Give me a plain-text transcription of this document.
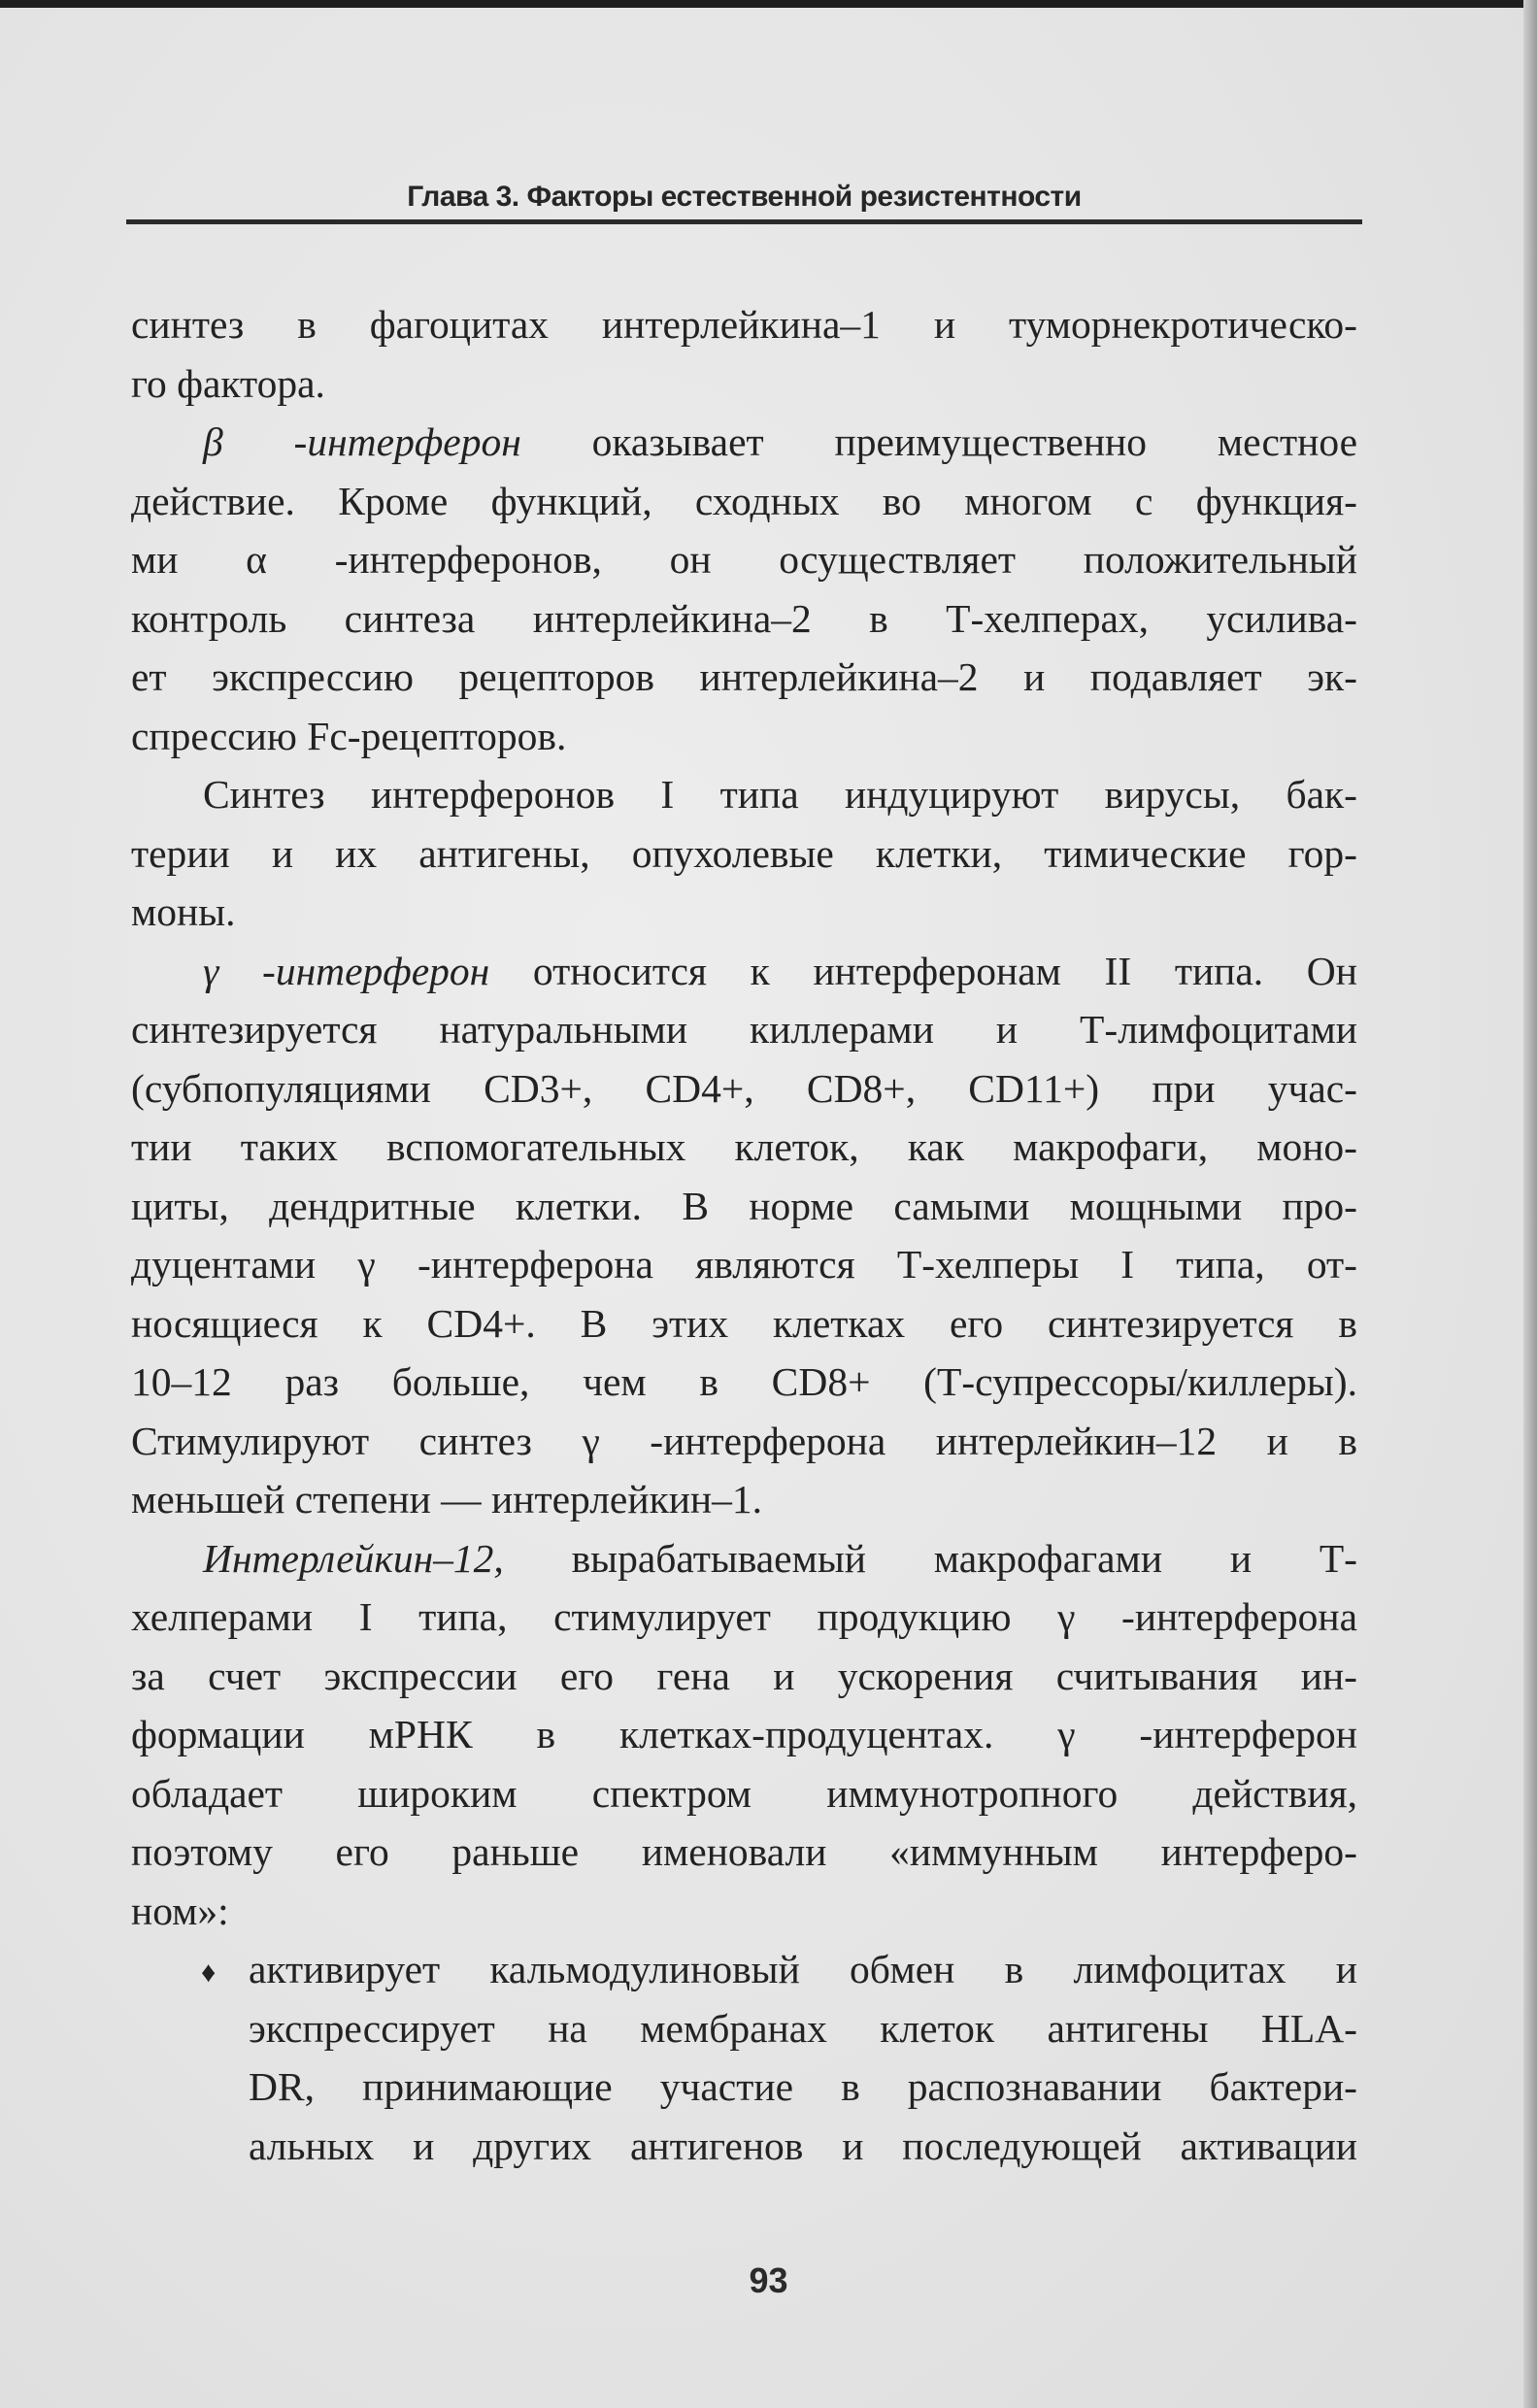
Глава 3. Факторы естественной резистентности
синтез в фагоцитах интерлейкина–1 и туморнекротическо-
го фактора.
β -интерферон оказывает преимущественно местное
действие. Кроме функций, сходных во многом с функция-
ми α -интерферонов, он осуществляет положительный
контроль синтеза интерлейкина–2 в Т-хелперах, усилива-
ет экспрессию рецепторов интерлейкина–2 и подавляет эк-
спрессию Fc-рецепторов.
Синтез интерферонов I типа индуцируют вирусы, бак-
терии и их антигены, опухолевые клетки, тимические гор-
моны.
γ -интерферон относится к интерферонам II типа. Он
синтезируется натуральными киллерами и Т-лимфоцитами
(субпопуляциями CD3+, CD4+, CD8+, CD11+) при учас-
тии таких вспомогательных клеток, как макрофаги, моно-
циты, дендритные клетки. В норме самыми мощными про-
дуцентами γ -интерферона являются Т-хелперы I типа, от-
носящиеся к CD4+. В этих клетках его синтезируется в
10–12 раз больше, чем в CD8+ (Т-супрессоры/киллеры).
Стимулируют синтез γ -интерферона интерлейкин–12 и в
меньшей степени — интерлейкин–1.
Интерлейкин–12, вырабатываемый макрофагами и Т-
хелперами I типа, стимулирует продукцию γ -интерферона
за счет экспрессии его гена и ускорения считывания ин-
формации мРНК в клетках-продуцентах. γ -интерферон
обладает широким спектром иммунотропного действия,
поэтому его раньше именовали «иммунным интерферо-
ном»:
♦ активирует кальмодулиновый обмен в лимфоцитах и
экспрессирует на мембранах клеток антигены HLA-
DR, принимающие участие в распознавании бактери-
альных и других антигенов и последующей активации
93
